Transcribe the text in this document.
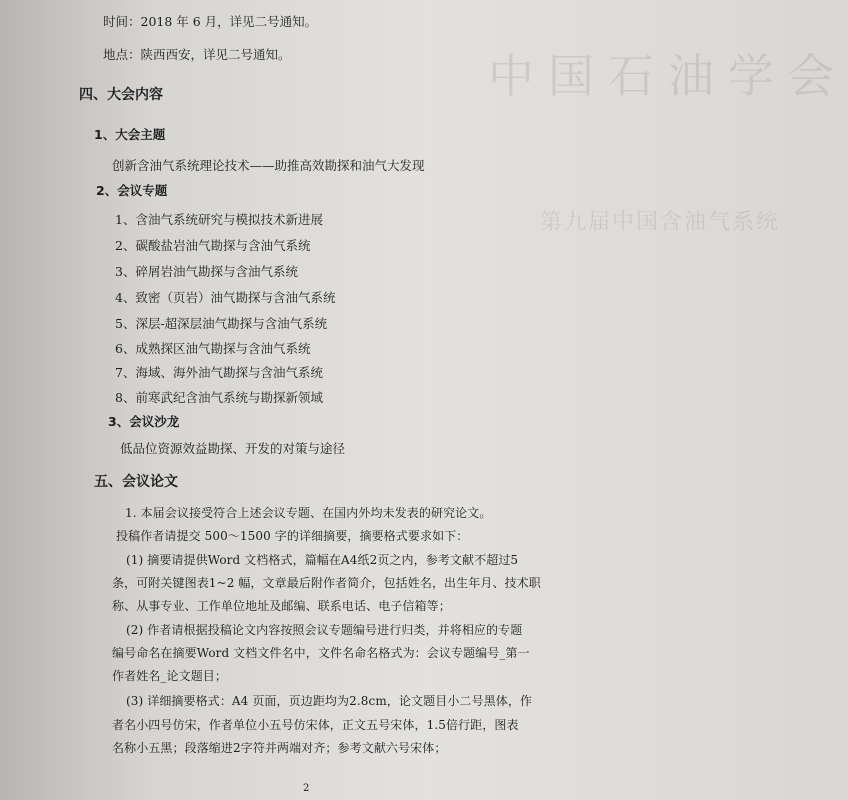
中国石油学会
第九届中国含油气系统
时间：2018 年 6 月，详见二号通知。
地点：陕西西安，详见二号通知。
四、大会内容
1、大会主题
创新含油气系统理论技术——助推高效勘探和油气大发现
2、会议专题
1、含油气系统研究与模拟技术新进展
2、碳酸盐岩油气勘探与含油气系统
3、碎屑岩油气勘探与含油气系统
4、致密（页岩）油气勘探与含油气系统
5、深层-超深层油气勘探与含油气系统
6、成熟探区油气勘探与含油气系统
7、海域、海外油气勘探与含油气系统
8、前寒武纪含油气系统与勘探新领域
3、会议沙龙
低品位资源效益勘探、开发的对策与途径
五、会议论文
1. 本届会议接受符合上述会议专题、在国内外均未发表的研究论文。
投稿作者请提交 500～1500 字的详细摘要，摘要格式要求如下：
(1) 摘要请提供Word 文档格式，篇幅在A4纸2页之内，参考文献不超过5
条，可附关键图表1~2 幅，文章最后附作者简介，包括姓名，出生年月、技术职
称、从事专业、工作单位地址及邮编、联系电话、电子信箱等；
(2) 作者请根据投稿论文内容按照会议专题编号进行归类，并将相应的专题
编号命名在摘要Word 文档文件名中，文件名命名格式为：会议专题编号_第一
作者姓名_论文题目；
(3) 详细摘要格式：A4 页面，页边距均为2.8cm，论文题目小二号黑体，作
者名小四号仿宋，作者单位小五号仿宋体，正文五号宋体，1.5倍行距，图表
名称小五黑；段落缩进2字符并两端对齐；参考文献六号宋体；
2
